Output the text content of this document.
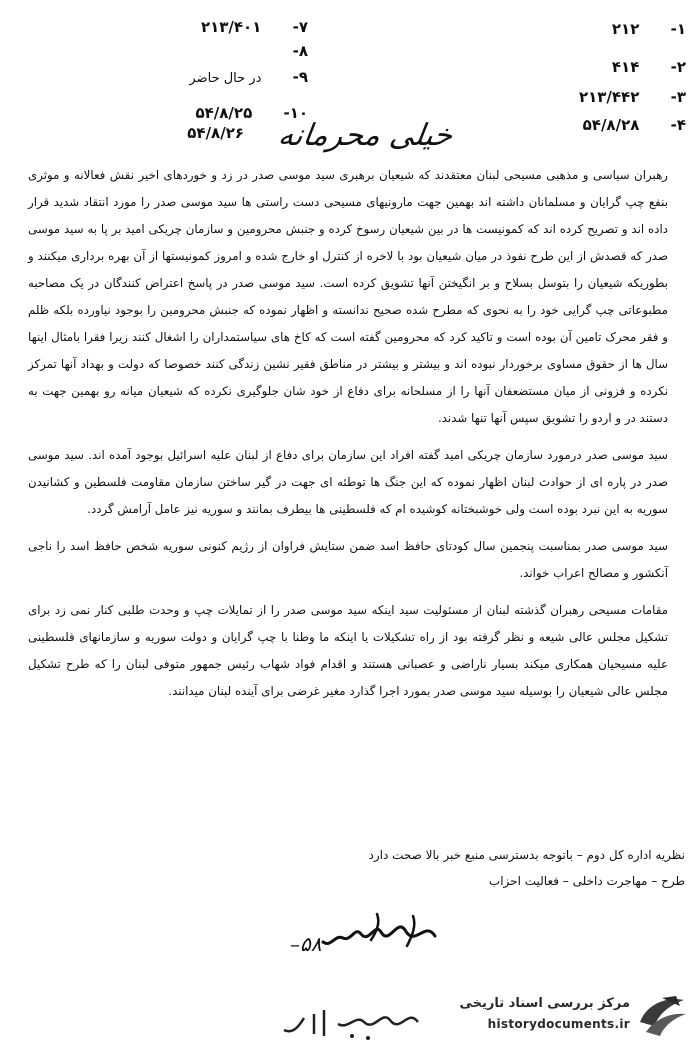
۱- ۲۱۲
۲- ۴۱۴
۳- ۲۱۳/۴۴۲
۴- ۵۴/۸/۲۸
۷- ۲۱۳/۴۰۱
۸-
۹- در حال حاضر
۱۰- ۵۴/۸/۲۵
۵۴/۸/۲۶	خیلی محرمانه

رهبران سیاسی و مذهبی مسیحی لبنان معتقدند که شیعیان برهبری سید موسی صدر در زد و خوردهای اخیر نقش فعالانه و موثری بنفع چپ گرایان و مسلمانان داشته اند بهمین جهت مارونیهای مسیحی دست راستی ها سید موسی صدر را مورد انتقاد شدید قرار داده اند و تصریح کرده اند که کمونیست ها در بین شیعیان رسوخ کرده و جنبش محرومین و سازمان چریکی امید بر پا به سید موسی صدر که قصدش از این طرح نفوذ در میان شیعیان بود با لاخره از کنترل او خارج شده و امروز کمونیستها از آن بهره برداری میکنند و بطوریکه شیعیان را بتوسل بسلاح و بر انگیختن آنها تشویق کرده است. سید موسی صدر در پاسخ اعتراض کنندگان در یک مصاحبه مطبوعاتی چپ گرایی خود را به نحوی که مطرح شده صحیح ندانسته و اظهار نموده که جنبش محرومین را بوجود نیاورده بلکه ظلم و فقر محرک تامین آن بوده است و تاکید کرد که محرومین گفته است که کاخ های سیاستمداران را اشغال کنند زیرا فقرا بامثال اینها سال ها از حقوق مساوی برخوردار نبوده اند و بیشتر و بیشتر در مناطق فقیر نشین زندگی کنند خصوصا که دولت و بهداد آنها تمرکز نکرده و فزونی از میان مستضعفان آنها را از مسلحانه برای دفاع از خود شان جلوگیری نکرده که شیعیان میانه رو بهمین جهت به دستند در و اردو را تشویق سپس آنها تنها شدند.

سید موسی صدر درمورد سازمان چریکی امید گفته افراد این سازمان برای دفاع از لبنان علیه اسرائیل بوجود آمده اند. سید موسی صدر در پاره ای از حوادث لبنان اظهار نموده که این جنگ ها توطئه ای جهت در گیر ساختن سازمان مقاومت فلسطین و کشانیدن سوریه به این نبرد بوده است ولی خوشبختانه کوشیده ام که فلسطینی ها بیطرف بمانند و سوریه نیز عامل آرامش گردد.

سید موسی صدر بمناسبت پنجمین سال کودتای حافظ اسد ضمن ستایش فراوان از رژیم کنونی سوریه شخص حافظ اسد را ناجی آنکشور و مصالح اعراب خواند.

مقامات مسیحی رهبران گذشته لبنان از مسئولیت سید اینکه سید موسی صدر را از تمایلات چپ و وحدت طلبی کنار نمی زد برای تشکیل مجلس عالی شیعه و نظر گرفته بود از راه تشکیلات یا اینکه ما وطنا با چپ گرایان و دولت سوریه و سازمانهای فلسطینی علیه مسیحیان همکاری میکند بسیار ناراضی و عصبانی هستند و اقدام فواد شهاب رئیس جمهور متوفی لبنان را که طرح تشکیل مجلس عالی شیعیان را بوسیله سید موسی صدر بمورد اجرا گذارد مغیر غرضی برای آینده لبنان میدانند.

نظریه اداره کل دوم – باتوجه بدسترسی منبع خبر بالا صحت دارد
طرح – مهاجرت داخلی – فعالیت احزاب
۵۸–
مرکز بررسی اسناد تاریخی
historydocuments.ir
